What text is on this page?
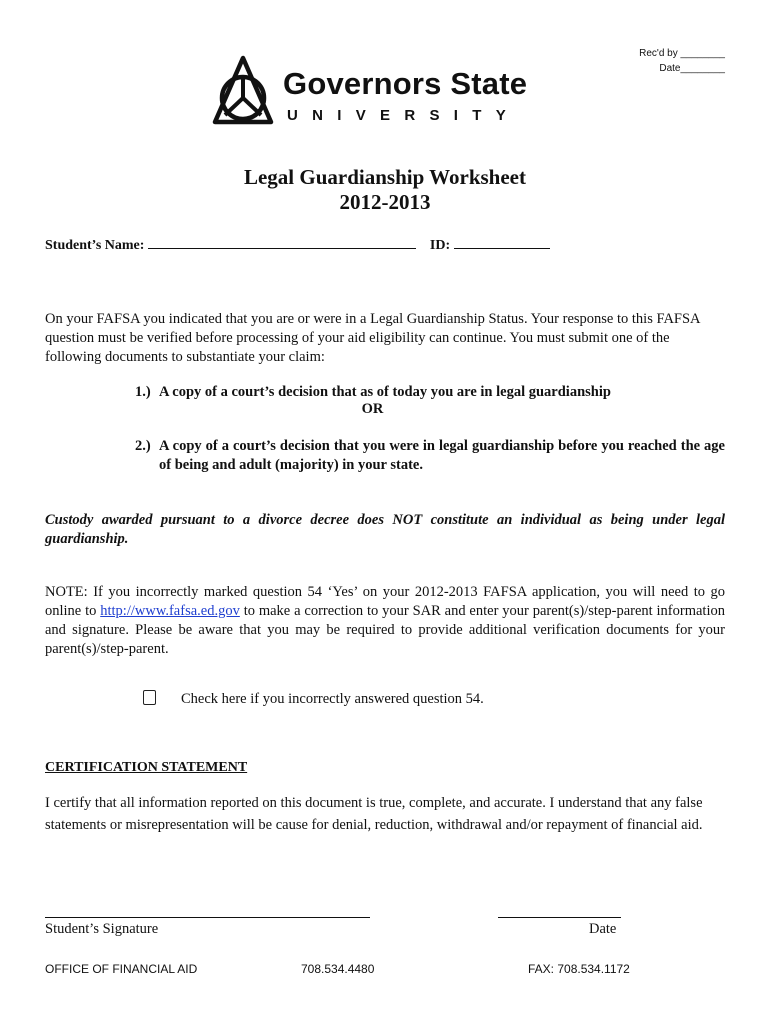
Rec'd by ________
Date________
Governors State
UNIVERSITY
Legal Guardianship Worksheet
2012-2013
Student’s Name:	ID:
On your FAFSA you indicated that you are or were in a Legal Guardianship Status. Your response to this FAFSA question must be verified before processing of your aid eligibility can continue. You must submit one of the following documents to substantiate your claim:
1.) A copy of a court’s decision that as of today you are in legal guardianship
OR
2.) A copy of a court’s decision that you were in legal guardianship before you reached the age of being and adult (majority) in your state.
Custody awarded pursuant to a divorce decree does NOT constitute an individual as being under legal guardianship.
NOTE: If you incorrectly marked question 54 ‘Yes’ on your 2012-2013 FAFSA application, you will need to go online to http://www.fafsa.ed.gov to make a correction to your SAR and enter your parent(s)/step-parent information and signature. Please be aware that you may be required to provide additional verification documents for your parent(s)/step-parent.
Check here if you incorrectly answered question 54.
CERTIFICATION STATEMENT
I certify that all information reported on this document is true, complete, and accurate. I understand that any false statements or misrepresentation will be cause for denial, reduction, withdrawal and/or repayment of financial aid.
Student’s Signature	Date
OFFICE OF FINANCIAL AID	708.534.4480	FAX: 708.534.1172
